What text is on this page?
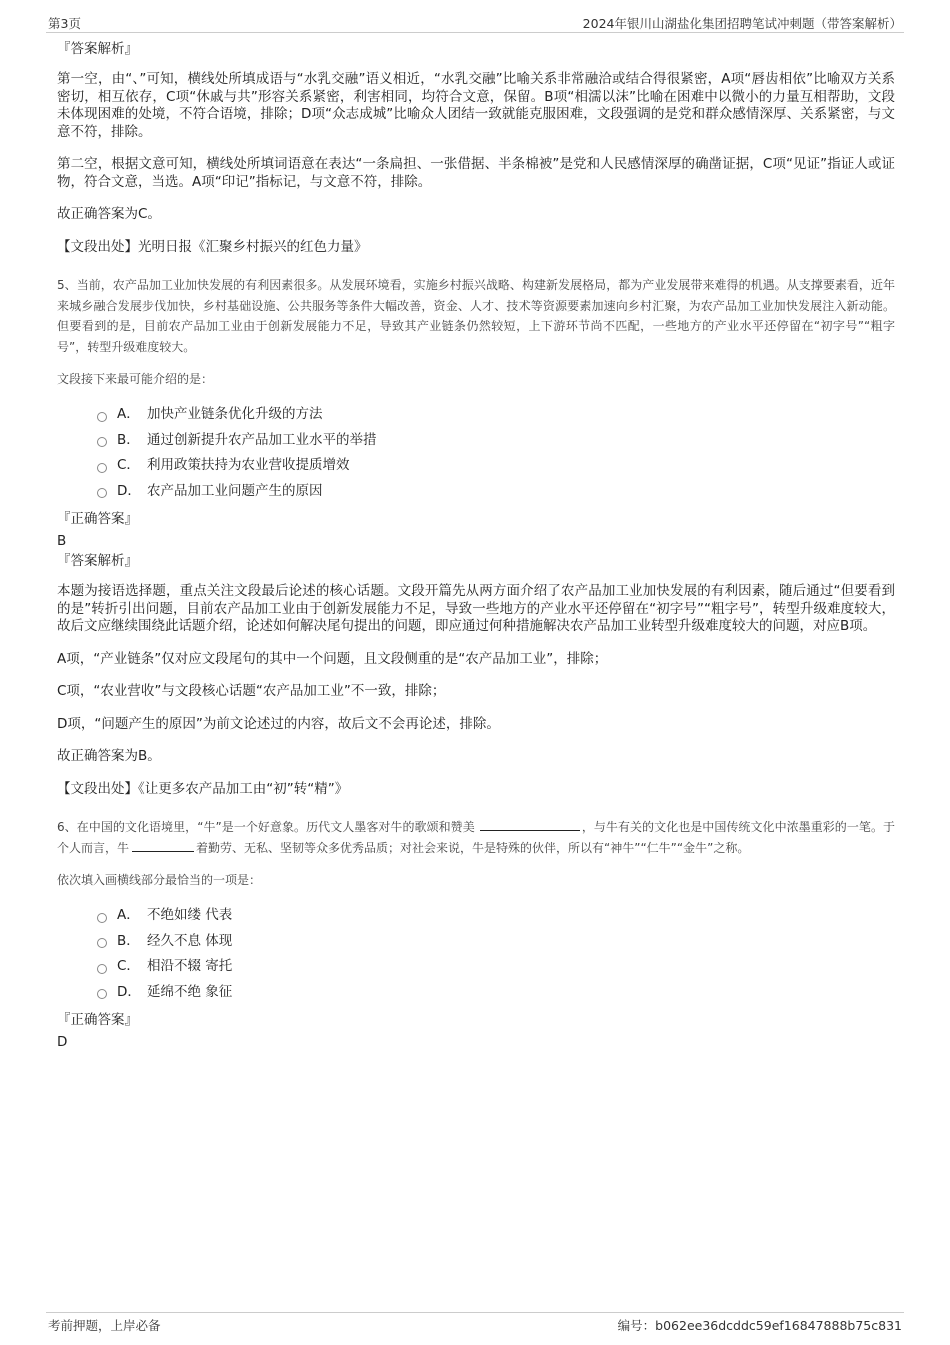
第3页	2024年银川山湖盐化集团招聘笔试冲刺题（带答案解析）
『答案解析』

第一空，由“、”可知，横线处所填成语与“水乳交融”语义相近，“水乳交融”比喻关系非常融洽或结合得很紧密，A项“唇齿相依”比喻双方关系密切，相互依存，C项“休戚与共”形容关系紧密，利害相同，均符合文意，保留。B项“相濡以沫”比喻在困难中以微小的力量互相帮助，文段未体现困难的处境，不符合语境，排除；D项“众志成城”比喻众人团结一致就能克服困难，文段强调的是党和群众感情深厚、关系紧密，与文意不符，排除。

第二空，根据文意可知，横线处所填词语意在表达“一条扁担、一张借据、半条棉被”是党和人民感情深厚的确凿证据，C项“见证”指证人或证物，符合文意，当选。A项“印记”指标记，与文意不符，排除。

故正确答案为C。

【文段出处】光明日报《汇聚乡村振兴的红色力量》

5、当前，农产品加工业加快发展的有利因素很多。从发展环境看，实施乡村振兴战略、构建新发展格局，都为产业发展带来难得的机遇。从支撑要素看，近年来城乡融合发展步伐加快，乡村基础设施、公共服务等条件大幅改善，资金、人才、技术等资源要素加速向乡村汇聚，为农产品加工业加快发展注入新动能。但要看到的是，目前农产品加工业由于创新发展能力不足，导致其产业链条仍然较短，上下游环节尚不匹配，一些地方的产业水平还停留在“初字号”“粗字号”，转型升级难度较大。

文段接下来最可能介绍的是：

A． 加快产业链条优化升级的方法
B． 通过创新提升农产品加工业水平的举措
C． 利用政策扶持为农业营收提质增效
D． 农产品加工业问题产生的原因
『正确答案』
B
『答案解析』

本题为接语选择题，重点关注文段最后论述的核心话题。文段开篇先从两方面介绍了农产品加工业加快发展的有利因素，随后通过“但要看到的是”转折引出问题，目前农产品加工业由于创新发展能力不足，导致一些地方的产业水平还停留在“初字号”“粗字号”，转型升级难度较大，故后文应继续围绕此话题介绍，论述如何解决尾句提出的问题，即应通过何种措施解决农产品加工业转型升级难度较大的问题，对应B项。

A项，“产业链条”仅对应文段尾句的其中一个问题，且文段侧重的是“农产品加工业”，排除；

C项，“农业营收”与文段核心话题“农产品加工业”不一致，排除；

D项，“问题产生的原因”为前文论述过的内容，故后文不会再论述，排除。

故正确答案为B。

【文段出处】《让更多农产品加工由“初”转“精”》

6、在中国的文化语境里，“牛”是一个好意象。历代文人墨客对牛的歌颂和赞美	，与牛有关的文化也是中国传统文化中浓墨重彩的一笔。于个人而言，牛	着勤劳、无私、坚韧等众多优秀品质；对社会来说，牛是特殊的伙伴，所以有“神牛”“仁牛”“金牛”之称。

依次填入画横线部分最恰当的一项是：

A． 不绝如缕 代表
B． 经久不息 体现
C． 相沿不辍 寄托
D． 延绵不绝 象征
『正确答案』
D
考前押题，上岸必备	编号：b062ee36dcddc59ef16847888b75c831
